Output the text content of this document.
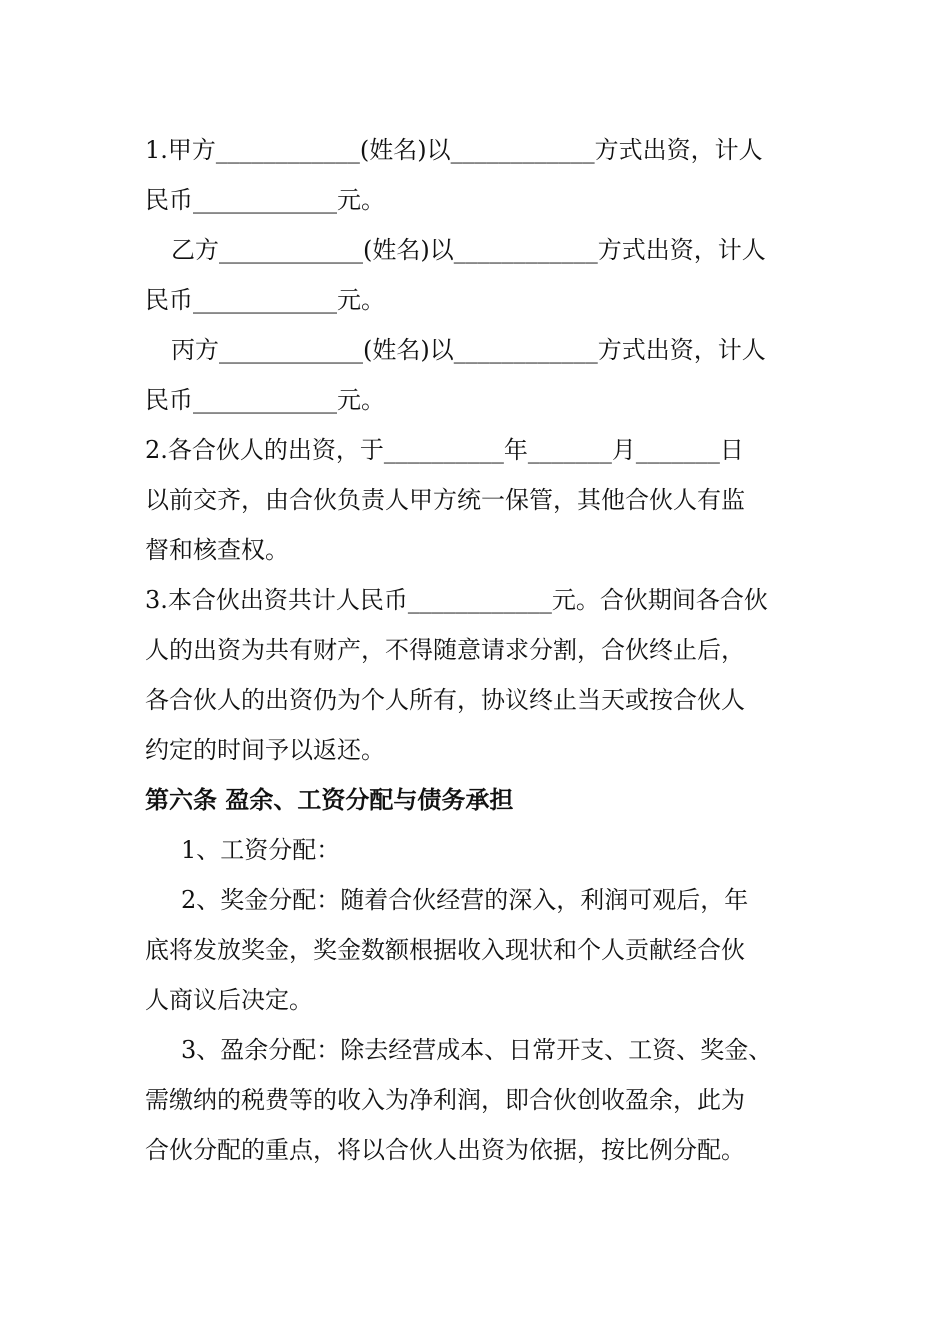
1.甲方____________(姓名)以____________方式出资，计人
民币____________元。
乙方____________(姓名)以____________方式出资，计人
民币____________元。
丙方____________(姓名)以____________方式出资，计人
民币____________元。
2.各合伙人的出资，于__________年_______月_______日
以前交齐，由合伙负责人甲方统一保管，其他合伙人有监
督和核查权。
3.本合伙出资共计人民币____________元。合伙期间各合伙
人的出资为共有财产，不得随意请求分割，合伙终止后，
各合伙人的出资仍为个人所有，协议终止当天或按合伙人
约定的时间予以返还。
第六条 盈余、工资分配与债务承担
1、工资分配：
2、奖金分配：随着合伙经营的深入，利润可观后，年
底将发放奖金，奖金数额根据收入现状和个人贡献经合伙
人商议后决定。
3、盈余分配：除去经营成本、日常开支、工资、奖金、
需缴纳的税费等的收入为净利润，即合伙创收盈余，此为
合伙分配的重点，将以合伙人出资为依据，按比例分配。
